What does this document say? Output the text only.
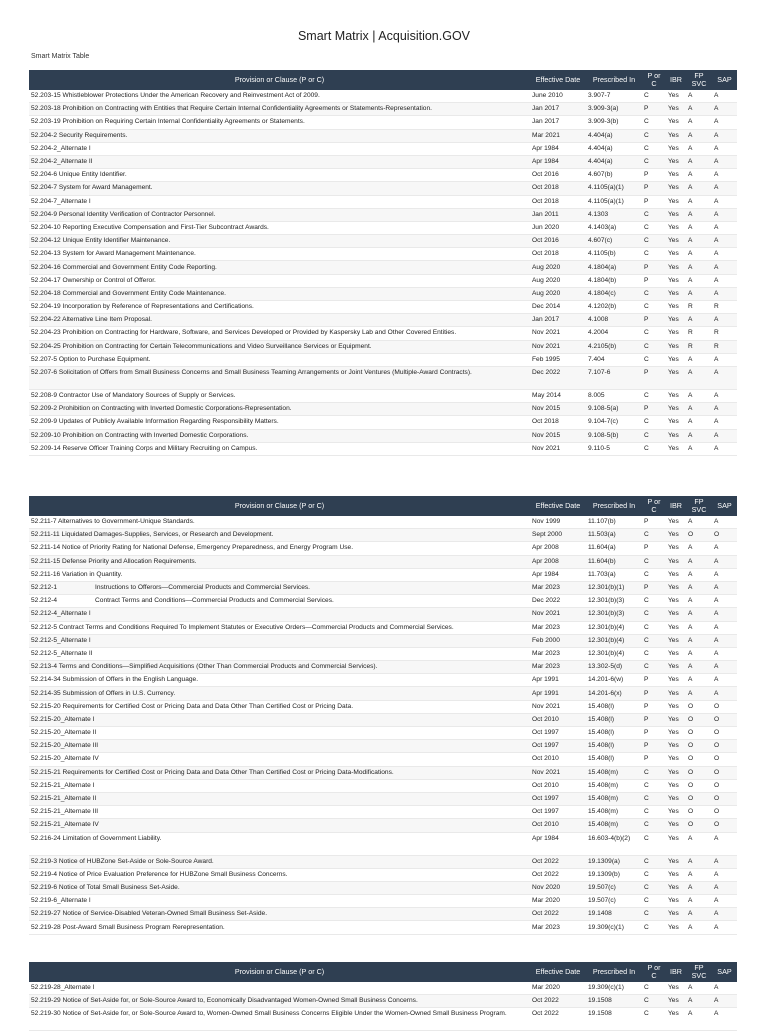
Smart Matrix | Acquisition.GOV
Smart Matrix Table
Provision or Clause (P or C)	Effective Date	Prescribed In	P or C	IBR	FP SVC	SAP
52.203-15 Whistleblower Protections Under the American Recovery and Reinvestment Act of 2009.	June 2010	3.907-7	C	Yes	A	A
52.203-18 Prohibition on Contracting with Entities that Require Certain Internal Confidentiality Agreements or Statements-Representation.	Jan 2017	3.909-3(a)	P	Yes	A	A
52.203-19 Prohibition on Requiring Certain Internal Confidentiality Agreements or Statements.	Jan 2017	3.909-3(b)	C	Yes	A	A
52.204-2 Security Requirements.	Mar 2021	4.404(a)	C	Yes	A	A
52.204-2_Alternate I	Apr 1984	4.404(a)	C	Yes	A	A
52.204-2_Alternate II	Apr 1984	4.404(a)	C	Yes	A	A
52.204-6 Unique Entity Identifier.	Oct 2016	4.607(b)	P	Yes	A	A
52.204-7 System for Award Management.	Oct 2018	4.1105(a)(1)	P	Yes	A	A
52.204-7_Alternate I	Oct 2018	4.1105(a)(1)	P	Yes	A	A
52.204-9 Personal Identity Verification of Contractor Personnel.	Jan 2011	4.1303	C	Yes	A	A
52.204-10 Reporting Executive Compensation and First-Tier Subcontract Awards.	Jun 2020	4.1403(a)	C	Yes	A	A
52.204-12 Unique Entity Identifier Maintenance.	Oct 2016	4.607(c)	C	Yes	A	A
52.204-13 System for Award Management Maintenance.	Oct 2018	4.1105(b)	C	Yes	A	A
52.204-16 Commercial and Government Entity Code Reporting.	Aug 2020	4.1804(a)	P	Yes	A	A
52.204-17 Ownership or Control of Offeror.	Aug 2020	4.1804(b)	P	Yes	A	A
52.204-18 Commercial and Government Entity Code Maintenance.	Aug 2020	4.1804(c)	C	Yes	A	A
52.204-19 Incorporation by Reference of Representations and Certifications.	Dec 2014	4.1202(b)	C	Yes	R	R
52.204-22 Alternative Line Item Proposal.	Jan 2017	4.1008	P	Yes	A	A
52.204-23 Prohibition on Contracting for Hardware, Software, and Services Developed or Provided by Kaspersky Lab and Other Covered Entities.	Nov 2021	4.2004	C	Yes	R	R
52.204-25 Prohibition on Contracting for Certain Telecommunications and Video Surveillance Services or Equipment.	Nov 2021	4.2105(b)	C	Yes	R	R
52.207-5 Option to Purchase Equipment.	Feb 1995	7.404	C	Yes	A	A
52.207-6 Solicitation of Offers from Small Business Concerns and Small Business Teaming Arrangements or Joint Ventures (Multiple-Award Contracts).	Dec 2022	7.107-6	P	Yes	A	A
52.208-9 Contractor Use of Mandatory Sources of Supply or Services.	May 2014	8.005	C	Yes	A	A
52.209-2 Prohibition on Contracting with Inverted Domestic Corporations-Representation.	Nov 2015	9.108-5(a)	P	Yes	A	A
52.209-9 Updates of Publicly Available Information Regarding Responsibility Matters.	Oct 2018	9.104-7(c)	C	Yes	A	A
52.209-10 Prohibition on Contracting with Inverted Domestic Corporations.	Nov 2015	9.108-5(b)	C	Yes	A	A
52.209-14 Reserve Officer Training Corps and Military Recruiting on Campus.	Nov 2021	9.110-5	C	Yes	A	A
Provision or Clause (P or C)	Effective Date	Prescribed In	P or C	IBR	FP SVC	SAP
52.211-7 Alternatives to Government-Unique Standards.	Nov 1999	11.107(b)	P	Yes	A	A
52.211-11 Liquidated Damages-Supplies, Services, or Research and Development.	Sept 2000	11.503(a)	C	Yes	O	O
52.211-14 Notice of Priority Rating for National Defense, Emergency Preparedness, and Energy Program Use.	Apr 2008	11.604(a)	P	Yes	A	A
52.211-15 Defense Priority and Allocation Requirements.	Apr 2008	11.604(b)	C	Yes	A	A
52.211-16 Variation in Quantity.	Apr 1984	11.703(a)	C	Yes	A	A
52.212-1 Instructions to Offerors—Commercial Products and Commercial Services.	Mar 2023	12.301(b)(1)	P	Yes	A	A
52.212-4 Contract Terms and Conditions—Commercial Products and Commercial Services.	Dec 2022	12.301(b)(3)	C	Yes	A	A
52.212-4_Alternate I	Nov 2021	12.301(b)(3)	C	Yes	A	A
52.212-5 Contract Terms and Conditions Required To Implement Statutes or Executive Orders—Commercial Products and Commercial Services.	Mar 2023	12.301(b)(4)	C	Yes	A	A
52.212-5_Alternate I	Feb 2000	12.301(b)(4)	C	Yes	A	A
52.212-5_Alternate II	Mar 2023	12.301(b)(4)	C	Yes	A	A
52.213-4 Terms and Conditions—Simplified Acquisitions (Other Than Commercial Products and Commercial Services).	Mar 2023	13.302-5(d)	C	Yes	A	A
52.214-34 Submission of Offers in the English Language.	Apr 1991	14.201-6(w)	P	Yes	A	A
52.214-35 Submission of Offers in U.S. Currency.	Apr 1991	14.201-6(x)	P	Yes	A	A
52.215-20 Requirements for Certified Cost or Pricing Data and Data Other Than Certified Cost or Pricing Data.	Nov 2021	15.408(l)	P	Yes	O	O
52.215-20_Alternate I	Oct 2010	15.408(l)	P	Yes	O	O
52.215-20_Alternate II	Oct 1997	15.408(l)	P	Yes	O	O
52.215-20_Alternate III	Oct 1997	15.408(l)	P	Yes	O	O
52.215-20_Alternate IV	Oct 2010	15.408(l)	P	Yes	O	O
52.215-21 Requirements for Certified Cost or Pricing Data and Data Other Than Certified Cost or Pricing Data-Modifications.	Nov 2021	15.408(m)	C	Yes	O	O
52.215-21_Alternate I	Oct 2010	15.408(m)	C	Yes	O	O
52.215-21_Alternate II	Oct 1997	15.408(m)	C	Yes	O	O
52.215-21_Alternate III	Oct 1997	15.408(m)	C	Yes	O	O
52.215-21_Alternate IV	Oct 2010	15.408(m)	C	Yes	O	O
52.216-24 Limitation of Government Liability.	Apr 1984	16.603-4(b)(2)	C	Yes	A	A
52.219-3 Notice of HUBZone Set-Aside or Sole-Source Award.	Oct 2022	19.1309(a)	C	Yes	A	A
52.219-4 Notice of Price Evaluation Preference for HUBZone Small Business Concerns.	Oct 2022	19.1309(b)	C	Yes	A	A
52.219-6 Notice of Total Small Business Set-Aside.	Nov 2020	19.507(c)	C	Yes	A	A
52.219-6_Alternate I	Mar 2020	19.507(c)	C	Yes	A	A
52.219-27 Notice of Service-Disabled Veteran-Owned Small Business Set-Aside.	Oct 2022	19.1408	C	Yes	A	A
52.219-28 Post-Award Small Business Program Rerepresentation.	Mar 2023	19.309(c)(1)	C	Yes	A	A
Provision or Clause (P or C)	Effective Date	Prescribed In	P or C	IBR	FP SVC	SAP
52.219-28_Alternate I	Mar 2020	19.309(c)(1)	C	Yes	A	A
52.219-29 Notice of Set-Aside for, or Sole-Source Award to, Economically Disadvantaged Women-Owned Small Business Concerns.	Oct 2022	19.1508	C	Yes	A	A
52.219-30 Notice of Set-Aside for, or Sole-Source Award to, Women-Owned Small Business Concerns Eligible Under the Women-Owned Small Business Program.	Oct 2022	19.1508	C	Yes	A	A
